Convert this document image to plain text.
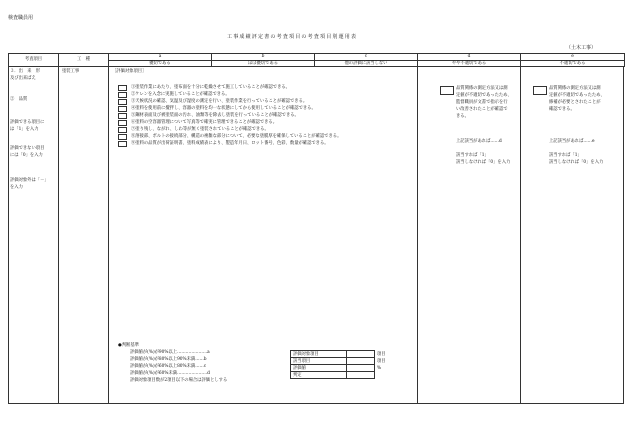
検査職員用
工事成績評定書の考査項目の考査項目別運用表
（土木工事）
考査項目	工　種	a	b	c	d	e
		優切である	ほぼ優切である	他の評価に該当しない	やや不適切である	不適切である
３．出　来　形
及び出来ばえ
②　品質
評価できる項目に
は「1」を入力
評価できない項目
には「0」を入力
評価対象外は「－」
を入力
塗装工事	［評価対象項目］
①塗装作業にあたり、塗布面を十分に乾燥させて施工していることが確認できる。
②ケレンを入念に実施していることが確認できる。
③天候状況の確認、気温及び湿度の測定を行い、塗装作業を行っていることが確認できる。
④塗料を使用前に攪拌し、容器の塗料を均一な状態にしてから使用していることが確認できる。
⑤鋼材表面及び被塗装面の汚れ、油類等を除去し塗装を行っていることが確認できる。
⑥塗料の空容器管理について写真等で確実に管理できることが確認できる。
⑦塗り残し、ながれ、しわ等が無く塗装されていることが確認できる。
⑧溶接部、ボルトの接続部分、構造の複雑な部分について、必要な塗膜厚を確保していることが確認できる。
⑨塗料の品質が出荷証明書、塗料成績表により、製造年月日、ロット番号、色彩、数量が確認できる。
●判断基準
評価値が(%)が90%以上…………………a
評価値が(%)が80%以上90%未満……b
評価値が(%)が60%以上80%未満……c
評価値が(%)が60%未満…………………d
評価対象項目数が2項目以下の場合は評価としする
評価対象項目		項目
該当項目		項目
評価値		%
判定		
品質関係の測定方法又は測
定値が不適切であったため、
監督職員が文書で指示を行
い改善されたことが確認で
きる。
上記該当があれば……d
該当すれば「1」
該当しなければ「0」を入力
品質関係の測定方法又は測
定値が不適切であったため、
修補が必要とされたことが
確認できる。
上記該当があれば……e
該当すれば「1」
該当しなければ「0」を入力
